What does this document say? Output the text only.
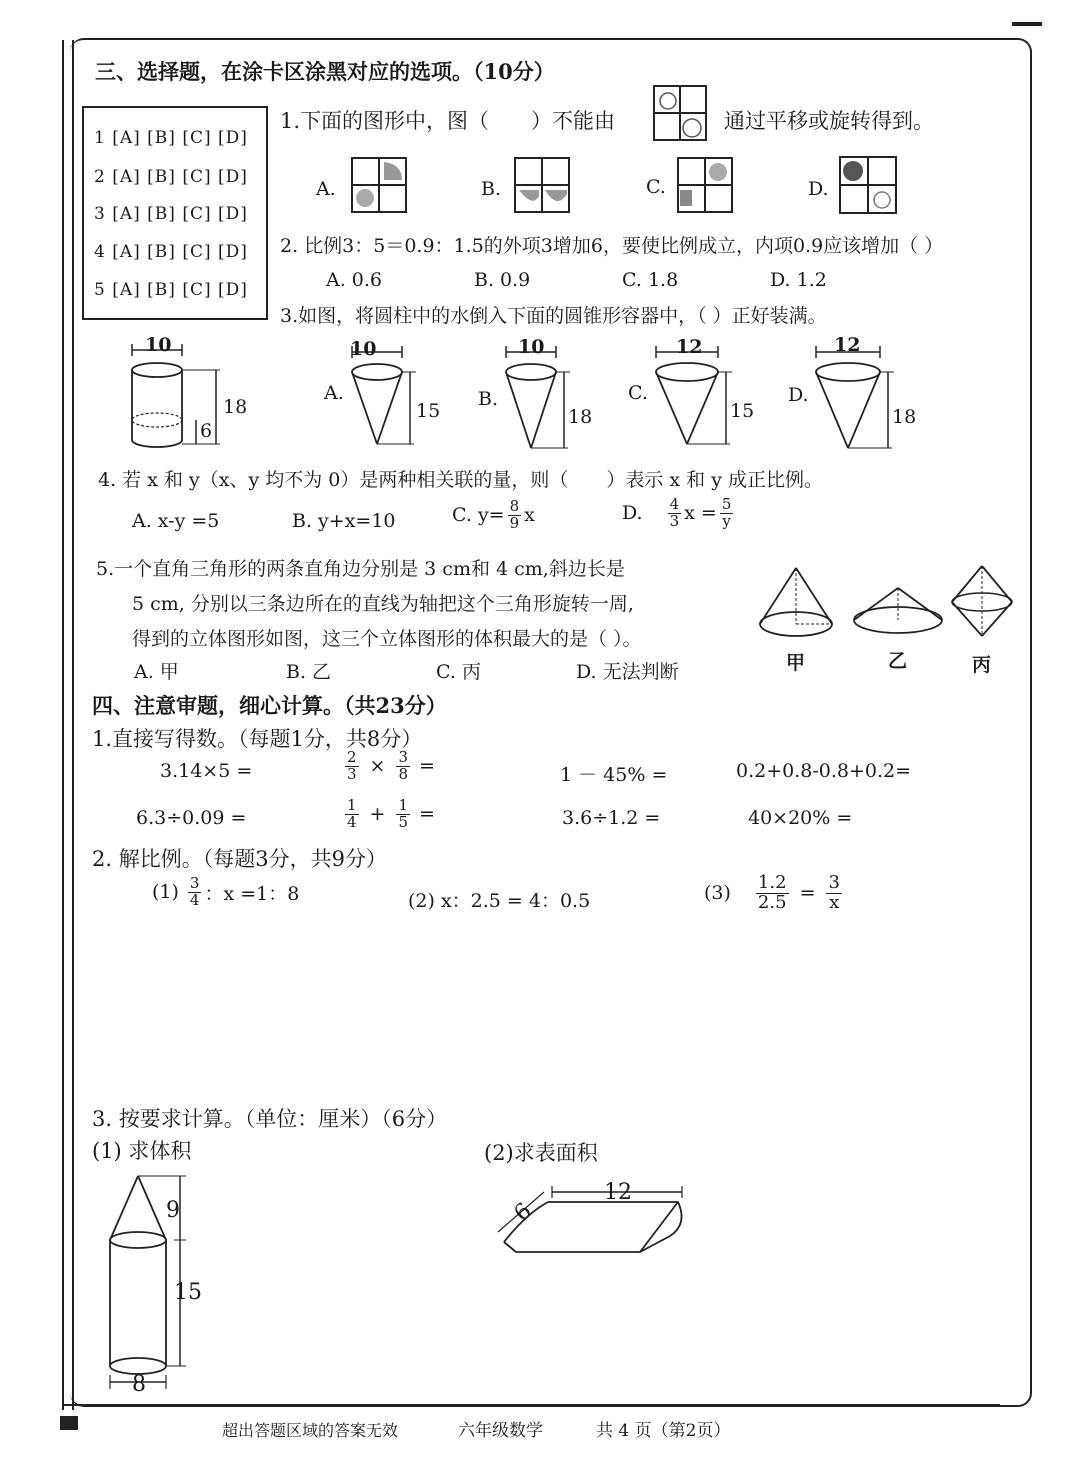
三、选择题，在涂卡区涂黑对应的选项。（10分）
1 [A] [B] [C] [D]
2 [A] [B] [C] [D]
3 [A] [B] [C] [D]
4 [A] [B] [C] [D]
5 [A] [B] [C] [D]
1.下面的图形中，图（　　）不能由	通过平移或旋转得到。
A.	B.	C.	D.
2. 比例3：5＝0.9：1.5的外项3增加6，要使比例成立，内项0.9应该增加（ ）
A. 0.6	B. 0.9	C. 1.8	D. 1.2
3.如图，将圆柱中的水倒入下面的圆锥形容器中，（ ）正好装满。
10
18
6
A.
10
15
B.
10
18
C.
12
15
D.
12
18
4. 若 x 和 y（x、y 均不为 0）是两种相关联的量，则（　　）表示 x 和 y 成正比例。
A. x-y =5	B. y+x=10	C. $y= \frac{8}{9}$ x	D. $\frac{4}{3}$ $x = \frac{5}{y}$
5.一个直角三角形的两条直角边分别是 3 cm和 4 cm,斜边长是
5 cm, 分别以三条边所在的直线为轴把这个三角形旋转一周,
得到的立体图形如图，这三个立体图形的体积最大的是（ ）。
A. 甲	B. 乙	C. 丙	D. 无法判断	甲	乙	丙
四、注意审题，细心计算。（共23分）
1.直接写得数。（每题1分，共8分）
3.14×5 =	$\frac{2}{3} \times \frac{3}{8}$ =	1 － 45% =	0.2+0.8-0.8+0.2=
6.3÷0.09 =	$\frac{1}{4} + \frac{1}{5}$ =	3.6÷1.2 =	40×20% =
2. 解比例。（每题3分，共9分）
$(1) \frac{3}{4}$ ：x =1：8	(2) x：2.5 = 4：0.5	$(3) \frac{1.2}{2.5} = \frac{3}{x}$
3. 按要求计算。（单位：厘米）（6分）
(1) 求体积	(2)求表面积
9
15
8
12
6
超出答题区域的答案无效	六年级数学	共 4 页（第2页）
